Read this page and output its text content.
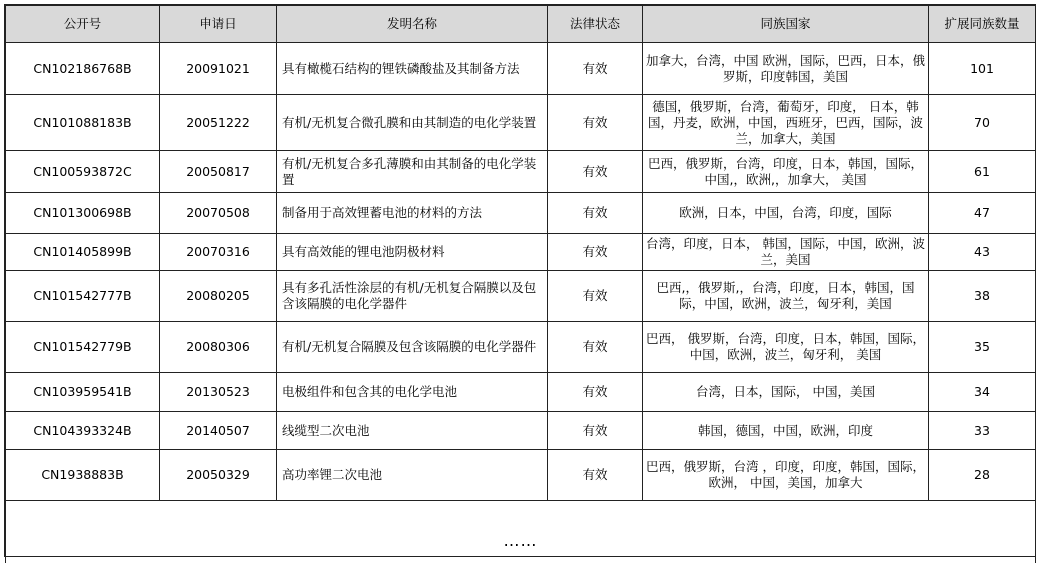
公开号	申请日	发明名称	法律状态	同族国家	扩展同族数量
CN102186768B	20091021	具有橄榄石结构的锂铁磷酸盐及其制备方法	有效	加拿大，台湾，中国 欧洲，国际，巴西，日本，俄罗斯，印度韩国，美国	101
CN101088183B	20051222	有机/无机复合微孔膜和由其制造的电化学装置	有效	德国，俄罗斯，台湾，葡萄牙，印度， 日本，韩国，丹麦，欧洲，中国，西班牙，巴西，国际，波兰，加拿大，美国	70
CN100593872C	20050817	有机/无机复合多孔薄膜和由其制备的电化学装置	有效	巴西，俄罗斯，台湾，印度，日本，韩国，国际，中国,，欧洲,，加拿大， 美国	61
CN101300698B	20070508	制备用于高效锂蓄电池的材料的方法	有效	欧洲，日本，中国，台湾，印度，国际	47
CN101405899B	20070316	具有高效能的锂电池阴极材料	有效	台湾，印度，日本， 韩国，国际，中国，欧洲，波兰，美国	43
CN101542777B	20080205	具有多孔活性涂层的有机/无机复合隔膜以及包含该隔膜的电化学器件	有效	巴西,，俄罗斯,，台湾，印度，日本，韩国，国际，中国，欧洲，波兰，匈牙利，美国	38
CN101542779B	20080306	有机/无机复合隔膜及包含该隔膜的电化学器件	有效	巴西， 俄罗斯，台湾，印度，日本，韩国，国际，中国，欧洲，波兰，匈牙利， 美国	35
CN103959541B	20130523	电极组件和包含其的电化学电池	有效	台湾，日本，国际， 中国，美国	34
CN104393324B	20140507	线缆型二次电池	有效	韩国，德国，中国，欧洲，印度	33
CN1938883B	20050329	高功率锂二次电池	有效	巴西，俄罗斯，台湾 ，印度，印度，韩国，国际，欧洲， 中国，美国，加拿大	28
……					
